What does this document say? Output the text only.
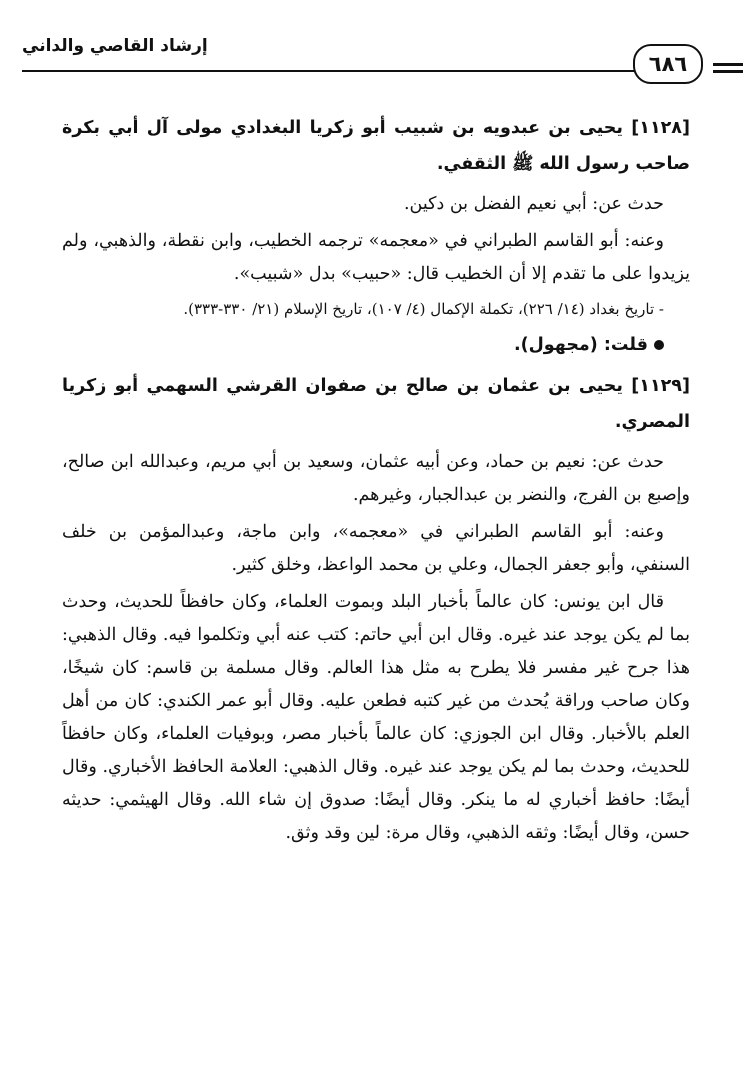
إرشاد القاصي والداني
٦٨٦

[١١٢٨] يحيى بن عبدويه بن شبيب أبو زكريا البغدادي مولى آل أبي بكرة صاحب رسول الله ﷺ الثقفي.

حدث عن: أبي نعيم الفضل بن دكين.

وعنه: أبو القاسم الطبراني في «معجمه» ترجمه الخطيب، وابن نقطة، والذهبي، ولم يزيدوا على ما تقدم إلا أن الخطيب قال: «حبيب» بدل «شبيب».

- تاريخ بغداد (١٤/ ٢٢٦)، تكملة الإكمال (٤/ ١٠٧)، تاريخ الإسلام (٢١/ ٣٣٠-٣٣٣).

قلت: (مجهول).

[١١٢٩] يحيى بن عثمان بن صالح بن صفوان القرشي السهمي أبو زكريا المصري.

حدث عن: نعيم بن حماد، وعن أبيه عثمان، وسعيد بن أبي مريم، وعبدالله ابن صالح، وإصبع بن الفرج، والنضر بن عبدالجبار، وغيرهم.

وعنه: أبو القاسم الطبراني في «معجمه»، وابن ماجة، وعبدالمؤمن بن خلف السنفي، وأبو جعفر الجمال، وعلي بن محمد الواعظ، وخلق كثير.

قال ابن يونس: كان عالماً بأخبار البلد وبموت العلماء، وكان حافظاً للحديث، وحدث بما لم يكن يوجد عند غيره. وقال ابن أبي حاتم: كتب عنه أبي وتكلموا فيه. وقال الذهبي: هذا جرح غير مفسر فلا يطرح به مثل هذا العالم. وقال مسلمة بن قاسم: كان شيخًا، وكان صاحب وراقة يُحدث من غير كتبه فطعن عليه. وقال أبو عمر الكندي: كان من أهل العلم بالأخبار. وقال ابن الجوزي: كان عالماً بأخبار مصر، وبوفيات العلماء، وكان حافظاً للحديث، وحدث بما لم يكن يوجد عند غيره. وقال الذهبي: العلامة الحافظ الأخباري. وقال أيضًا: حافظ أخباري له ما ينكر. وقال أيضًا: صدوق إن شاء الله. وقال الهيثمي: حديثه حسن، وقال أيضًا: وثقه الذهبي، وقال مرة: لين وقد وثق.
